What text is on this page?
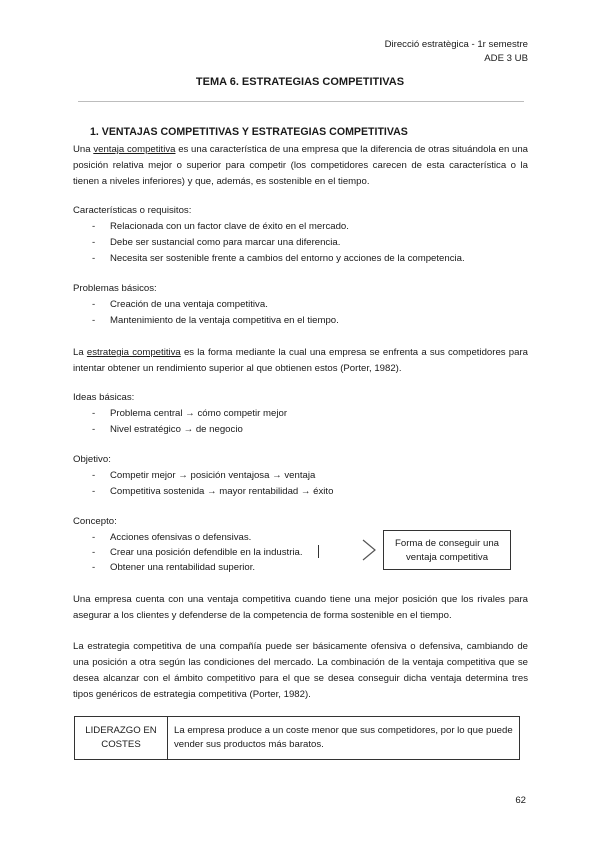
Direcció estratègica - 1r semestre
ADE 3 UB
TEMA 6. ESTRATEGIAS COMPETITIVAS
1. VENTAJAS COMPETITIVAS Y ESTRATEGIAS COMPETITIVAS
Una ventaja competitiva es una característica de una empresa que la diferencia de otras situándola en una posición relativa mejor o superior para competir (los competidores carecen de esta característica o la tienen a niveles inferiores) y que, además, es sostenible en el tiempo.
Características o requisitos:
- Relacionada con un factor clave de éxito en el mercado.
- Debe ser sustancial como para marcar una diferencia.
- Necesita ser sostenible frente a cambios del entorno y acciones de la competencia.
Problemas básicos:
- Creación de una ventaja competitiva.
- Mantenimiento de la ventaja competitiva en el tiempo.
La estrategia competitiva es la forma mediante la cual una empresa se enfrenta a sus competidores para intentar obtener un rendimiento superior al que obtienen estos (Porter, 1982).
Ideas básicas:
- Problema central → cómo competir mejor
- Nivel estratégico → de negocio
Objetivo:
- Competir mejor → posición ventajosa → ventaja
- Competitiva sostenida → mayor rentabilidad → éxito
Concepto:
- Acciones ofensivas o defensivas.
- Crear una posición defendible en la industria.
- Obtener una rentabilidad superior.
Forma de conseguir una
ventaja competitiva
Una empresa cuenta con una ventaja competitiva cuando tiene una mejor posición que los rivales para asegurar a los clientes y defenderse de la competencia de forma sostenible en el tiempo.
La estrategia competitiva de una compañía puede ser básicamente ofensiva o defensiva, cambiando de una posición a otra según las condiciones del mercado. La combinación de la ventaja competitiva que se desea alcanzar con el ámbito competitivo para el que se desea conseguir dicha ventaja determina tres tipos genéricos de estrategia competitiva (Porter, 1982).
LIDERAZGO EN
COSTES
	La empresa produce a un coste menor que sus competidores, por lo que puede vender sus productos más baratos.
62
